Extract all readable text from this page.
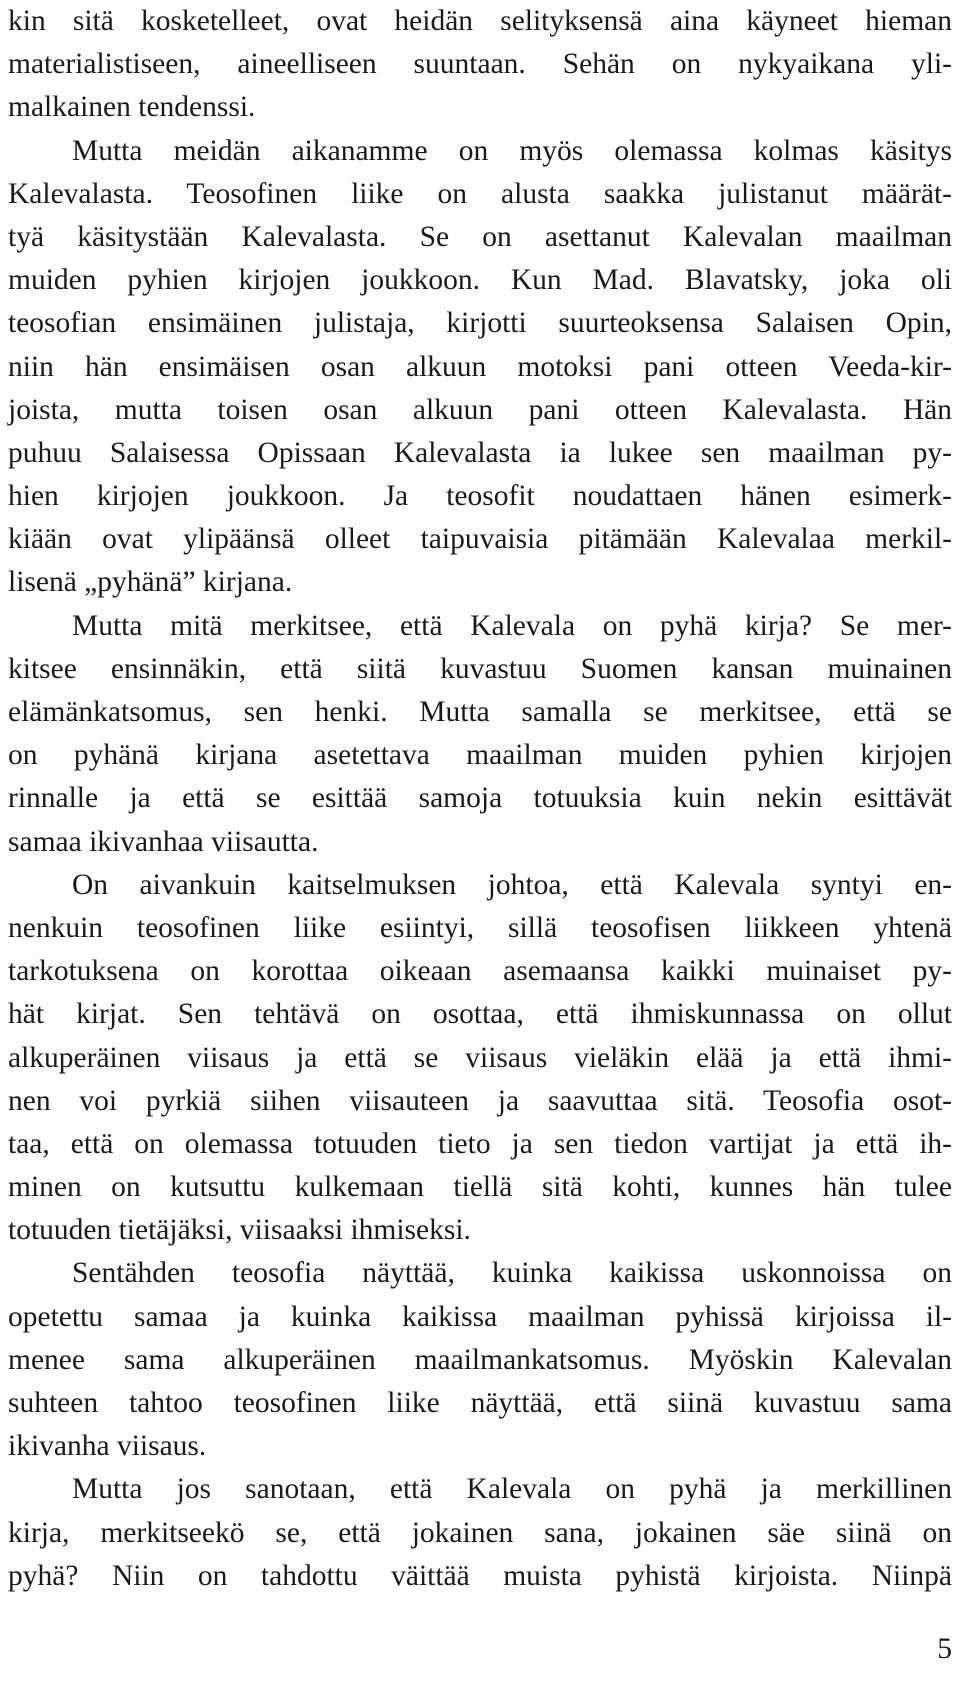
kin sitä kosketelleet, ovat heidän selityksensä aina käyneet hieman
materialistiseen, aineelliseen suuntaan. Sehän on nykyaikana yli-
malkainen tendenssi.
Mutta meidän aikanamme on myös olemassa kolmas käsitys
Kalevalasta. Teosofinen liike on alusta saakka julistanut määrät-
tyä käsitystään Kalevalasta. Se on asettanut Kalevalan maailman
muiden pyhien kirjojen joukkoon. Kun Mad. Blavatsky, joka oli
teosofian ensimäinen julistaja, kirjotti suurteoksensa Salaisen Opin,
niin hän ensimäisen osan alkuun motoksi pani otteen Veeda-kir-
joista, mutta toisen osan alkuun pani otteen Kalevalasta. Hän
puhuu Salaisessa Opissaan Kalevalasta ia lukee sen maailman py-
hien kirjojen joukkoon. Ja teosofit noudattaen hänen esimerk-
kiään ovat ylipäänsä olleet taipuvaisia pitämään Kalevalaa merkil-
lisenä „pyhänä” kirjana.
Mutta mitä merkitsee, että Kalevala on pyhä kirja? Se mer-
kitsee ensinnäkin, että siitä kuvastuu Suomen kansan muinainen
elämänkatsomus, sen henki. Mutta samalla se merkitsee, että se
on pyhänä kirjana asetettava maailman muiden pyhien kirjojen
rinnalle ja että se esittää samoja totuuksia kuin nekin esittävät
samaa ikivanhaa viisautta.
On aivankuin kaitselmuksen johtoa, että Kalevala syntyi en-
nenkuin teosofinen liike esiintyi, sillä teosofisen liikkeen yhtenä
tarkotuksena on korottaa oikeaan asemaansa kaikki muinaiset py-
hät kirjat. Sen tehtävä on osottaa, että ihmiskunnassa on ollut
alkuperäinen viisaus ja että se viisaus vieläkin elää ja että ihmi-
nen voi pyrkiä siihen viisauteen ja saavuttaa sitä. Teosofia osot-
taa, että on olemassa totuuden tieto ja sen tiedon vartijat ja että ih-
minen on kutsuttu kulkemaan tiellä sitä kohti, kunnes hän tulee
totuuden tietäjäksi, viisaaksi ihmiseksi.
Sentähden teosofia näyttää, kuinka kaikissa uskonnoissa on
opetettu samaa ja kuinka kaikissa maailman pyhissä kirjoissa il-
menee sama alkuperäinen maailmankatsomus. Myöskin Kalevalan
suhteen tahtoo teosofinen liike näyttää, että siinä kuvastuu sama
ikivanha viisaus.
Mutta jos sanotaan, että Kalevala on pyhä ja merkillinen
kirja, merkitseekö se, että jokainen sana, jokainen säe siinä on
pyhä? Niin on tahdottu väittää muista pyhistä kirjoista. Niinpä
5
